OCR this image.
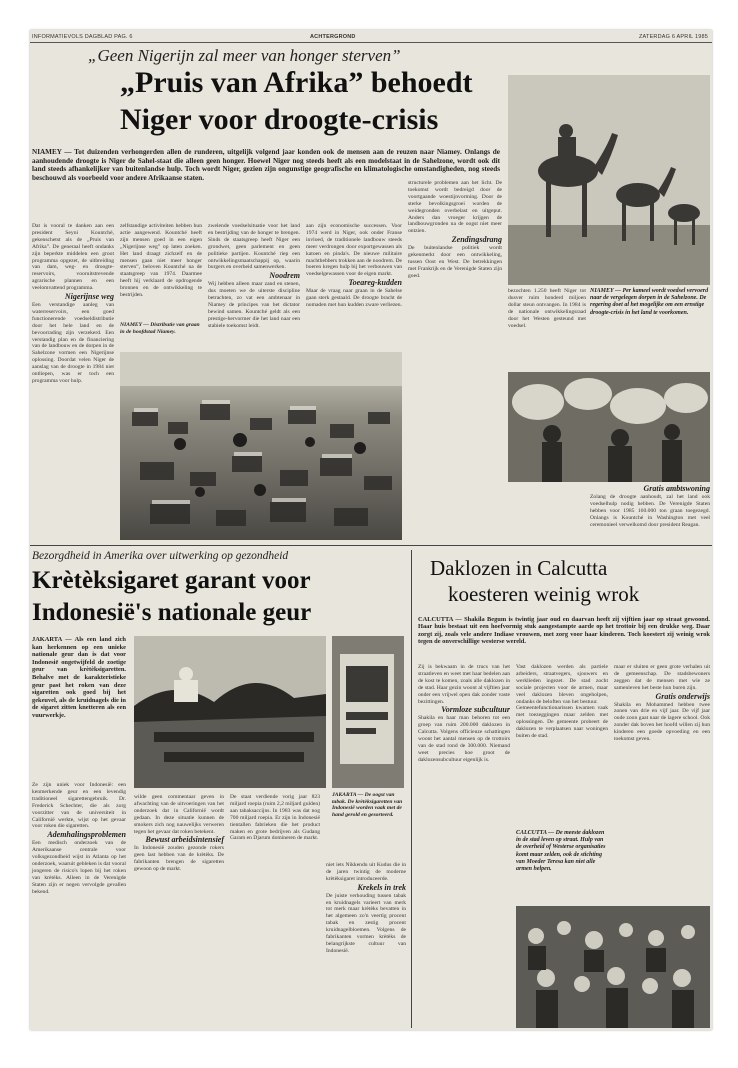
INFORMATIEVOLS DAGBLAD PAG. 6	ACHTERGROND	ZATERDAG 6 APRIL 1985
„Geen Nigerijn zal meer van honger sterven”
„Pruis van Afrika” behoedt
Niger voor droogte-crisis
NIAMEY — Tot duizenden verhongerden allen de runderen, uitgelijk volgend jaar konden ook de mensen aan de reuzen naar Niamey. Onlangs de aanhoudende droogte is Niger de Sahel-staat die alleen geen honger. Hoewel Niger nog steeds heeft als een modelstaat in de Sahelzone, wordt ook dit land steeds afhankelijker van buitenlandse hulp. Toch wordt Niger, gezien zijn ongunstige geografische en klimatologische omstandigheden, nog steeds beschouwd als voorbeeld voor andere Afrikaanse staten.
Dat is vooral te danken aan een president Seyni Kountché, gekenschetst als de „Pruis van Afrika”. De generaal heeft ondanks zijn beperkte middelen een groot programma opgezet, de uitbreiding van dam, weg- en droogte-reservoirs, vooruitstrevende agrarische plannen en een veelomvattend programma.
Nigerijnse weg
Een verstandige aanleg van waterreservoirs, een goed functionerende voedseldistributie door het hele land en de bevoorrading zijn verzekerd. Een verstandig plan en de financiering van de landbouw en de dorpen in de Sahelzone vormen een Nigerijnse oplossing. Doordat velen Niger de aanslag van de droogte in 1984 niet ontliepen, was er toch een programma voor hulp.
zelfstandige activiteiten hebben hun actie aangewend. Kountché heeft zijn mensen goed in een eigen „Nigerijnse weg” op laten zoeken. Het land draagt zichzelf en de mensen gaan niet meer honger sterven”, beloven Kountché na de staatsgreep van 1974. Daarmee heeft hij verklaard de opdrogende bronnen en de ontwikkeling te bestrijden.
NIAMEY — Distributie van graan in de hoofdstad Niamey.
zwelende voedselsituatie voor het land en bestrijding van de honger te brengen. Sinds de staatsgreep heeft Niger een grondwet, geen parlement en geen politieke partijen. Kountché riep een ontwikkelingsmaatschappij op, waarin burgers en overheid samenwerken.
Noodrem
Wij hebben alleen maar zand en stenen, dus moeten we de uiterste discipline betrachten, zo vat een ambtenaar in Niamey de principes van het dictator bewind samen. Kountché geldt als een prestige-hervormer die het land naar een stabiele toekomst leidt.
aan zijn economische successen. Voor 1974 werd in Niger, ook onder Franse invloed, de traditionele landbouw steeds meer verdrongen door exportgewassen als katoen en pinda's. De nieuwe militaire machthebbers trokken aan de noodrem. De boeren kregen hulp bij het verbouwen van voedselgewassen voor de eigen markt.
Toeareg-kudden
Maar de vraag naar graan in de Sahelse gaan sterk gestaald. De droogte bracht de nomaden met hun kudden zware verliezen.
structurele problemen aan het licht. De toekomst wordt bedreigd door de voortgaande woestijnvorming. Door de sterke bevolkingsgroei worden de weidegronden overbelast en uitgeput. Anders dan vroeger krijgen de landbouwgronden na de oogst niet meer ontzien.
Zendingsdrang
De buitenlandse politiek wordt gekenmerkt door een ontwikkeling, tussen Oost en West. De betrekkingen met Frankrijk en de Verenigde Staten zijn goed.
NIAMEY — Per kameel wordt voedsel vervoerd naar de vergelegen dorpen in de Sahelzone. De regering doet al het mogelijke om een ernstige droogte-crisis in het land te voorkomen.
bezochten 1.250 heeft Niger tot dusver ruim honderd miljoen dollar steun ontvangen. In 1984 is de nationale ontwikkelingsraad door het Westen gesteund met voedsel.
Gratis ambtswoning
Zolang de droogte aanhoudt, zal het land ook voedselhulp nodig hebben. De Verenigde Staten hebben voor 1985 160.000 ton graan toegezegd. Onlangs is Kountché in Washington met veel ceremonieel verwelkomd door president Reagan.
Bezorgdheid in Amerika over uitwerking op gezondheid
Krètèksigaret garant voor
Indonesië's nationale geur
JAKARTA — Als een land zich kan herkennen op een unieke nationale geur dan is dat voor Indonesië ongetwijfeld de zoetige geur van krètèksigaretten. Behalve met de karakteristieke geur past het roken van deze sigaretten ook goed bij het gekeuvel, als de kruidnagels die in de sigaret zitten knetteren als een vuurwerkje.
Ze zijn uniek voor Indonesië: een kenmerkende geur en een levendig traditioneel sigarettengebruik. Dr. Frederick Schechter, die als zorg voorzitter van de universiteit in Californië werkte, wijst op het gevaar voor roken die sigaretten.
Ademhalingsproblemen
Een medisch onderzoek van de Amerikaanse centrale voor volksgezondheid wijst in Atlanta op het onderzoek, waaruit gebleken is dat vooral jongeren de risico's lopen bij het roken van krètèks. Alleen in de Verenigde Staten zijn er negen vervolgde gevallen bekend.
wilde geen commentaar geven in afwachting van de uitvoeringen van het onderzoek dat in Californië wordt gedaan. In deze situatie kunnen de smokers zich nog nauwelijks verweren tegen het gevaar dat roken betekent.
Bewust arbeidsintensief
In Indonesië zouden gezonde rokers geen last hebben van de krètèks. De fabrikanten brengen de sigaretten gewoon op de markt.
De staat verdiende vorig jaar 823 miljard roepia (ruim 2,2 miljard gulden) aan tabaksaccijns. In 1983 was dat nog 700 miljard roepia. Er zijn in Indonesië tientallen fabrieken die het product maken en grote bedrijven als Gudang Garam en Djarum domineren de markt.
JAKARTA — De oogst van tabak. De krètèksigaretten van Indonesië worden vaak met de hand gerold en gesorteerd.
niet iets Nikkendu uit Kudus die in de jaren twintig de moderne krètèksigaret introduceerde.
Krekels in trek
De juiste verhouding tussen tabak en kruidnagels varieert van merk tot merk maar krètèks bevatten in het algemeen zo'n veertig procent tabak en zestig procent kruidnagelbloemen. Volgens de fabrikanten vormen krètèks de belangrijkste cultuur van Indonesië.
Daklozen in Calcutta
koesteren weinig wrok
CALCUTTA — Shakila Begum is twintig jaar oud en daarvan heeft zij vijftien jaar op straat gewoond. Haar huis bestaat uit een hoefvormig stuk aangestampte aarde op het trottoir bij een drukke weg. Daar zorgt zij, zoals vele andere Indiase vrouwen, met zorg voor haar kinderen. Toch koestert zij weinig wrok tegen de onverschillige westerse wereld.
Zij is bekwaam in de trucs van het straatleven en weet met haar bedelen aan de kost te komen, zoals alle daklozen in de stad. Haar gezin woont al vijftien jaar onder een vrijwel open dak zonder vaste bezittingen.
Vormloze subcultuur
Shakila en haar man behoren tot een groep van ruim 200.000 daklozen in Calcutta. Volgens officieuze schattingen woont het aantal mensen op de trottoirs van de stad rond de 300.000. Niemand weet precies hoe groot de daklozensubcultuur eigenlijk is.
Vast daklozen werden als partiele arbeiders, straatvegers, sjouwers en werklieden ingezet. De stad zocht sociale projecten voor de armen, maar veel daklozen bleven ongeholpen, ondanks de beloften van het bestuur.
Gemeentefunctionarissen kwamen vaak met toezeggingen maar zelden met oplossingen. De gemeente probeert de daklozen te verplaatsen naar woningen buiten de stad.
CALCUTTA — De meeste daklozen in de stad leven op straat. Hulp van de overheid of Westerse organisaties komt maar zelden, ook de stichting van Moeder Teresa kan niet alle armen helpen.
maar er sluiten er geen grote verhalen uit de gemeenschap. De stadsbewoners zeggen dat de mensen met wie ze samenleven het beste hun buren zijn.
Gratis onderwijs
Shakila en Mohammed hebben twee zonen van drie en vijf jaar. De vijf jaar oude zoon gaat naar de lagere school. Ook zonder dak boven het hoofd willen zij hun kinderen een goede opvoeding en een toekomst geven.
